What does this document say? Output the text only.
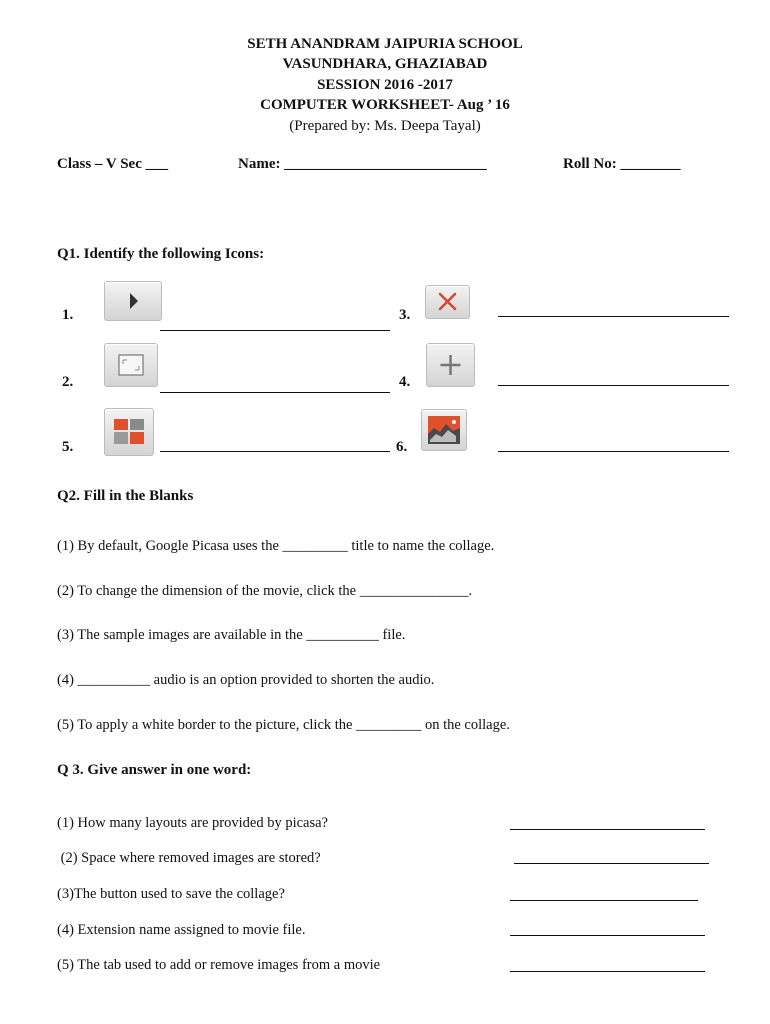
SETH ANANDRAM JAIPURIA SCHOOL
VASUNDHARA, GHAZIABAD
SESSION 2016 -2017
COMPUTER WORKSHEET- Aug ’ 16
(Prepared by: Ms. Deepa Tayal)
Class – V Sec ___	Name: ___________________________	Roll No: ________
Q1. Identify the following Icons:
1.	3.
2.	4.
5.	6.
Q2. Fill in the Blanks
(1) By default, Google Picasa uses the _________ title to name the collage.
(2) To change the dimension of the movie, click the _______________.
(3) The sample images are available in the __________ file.
(4) __________ audio is an option provided to shorten the audio.
(5) To apply a white border to the picture, click the _________ on the collage.
Q 3. Give answer in one word:
(1) How many layouts are provided by picasa?
(2) Space where removed images are stored?
(3)The button used to save the collage?
(4) Extension name assigned to movie file.
(5) The tab used to add or remove images from a movie
